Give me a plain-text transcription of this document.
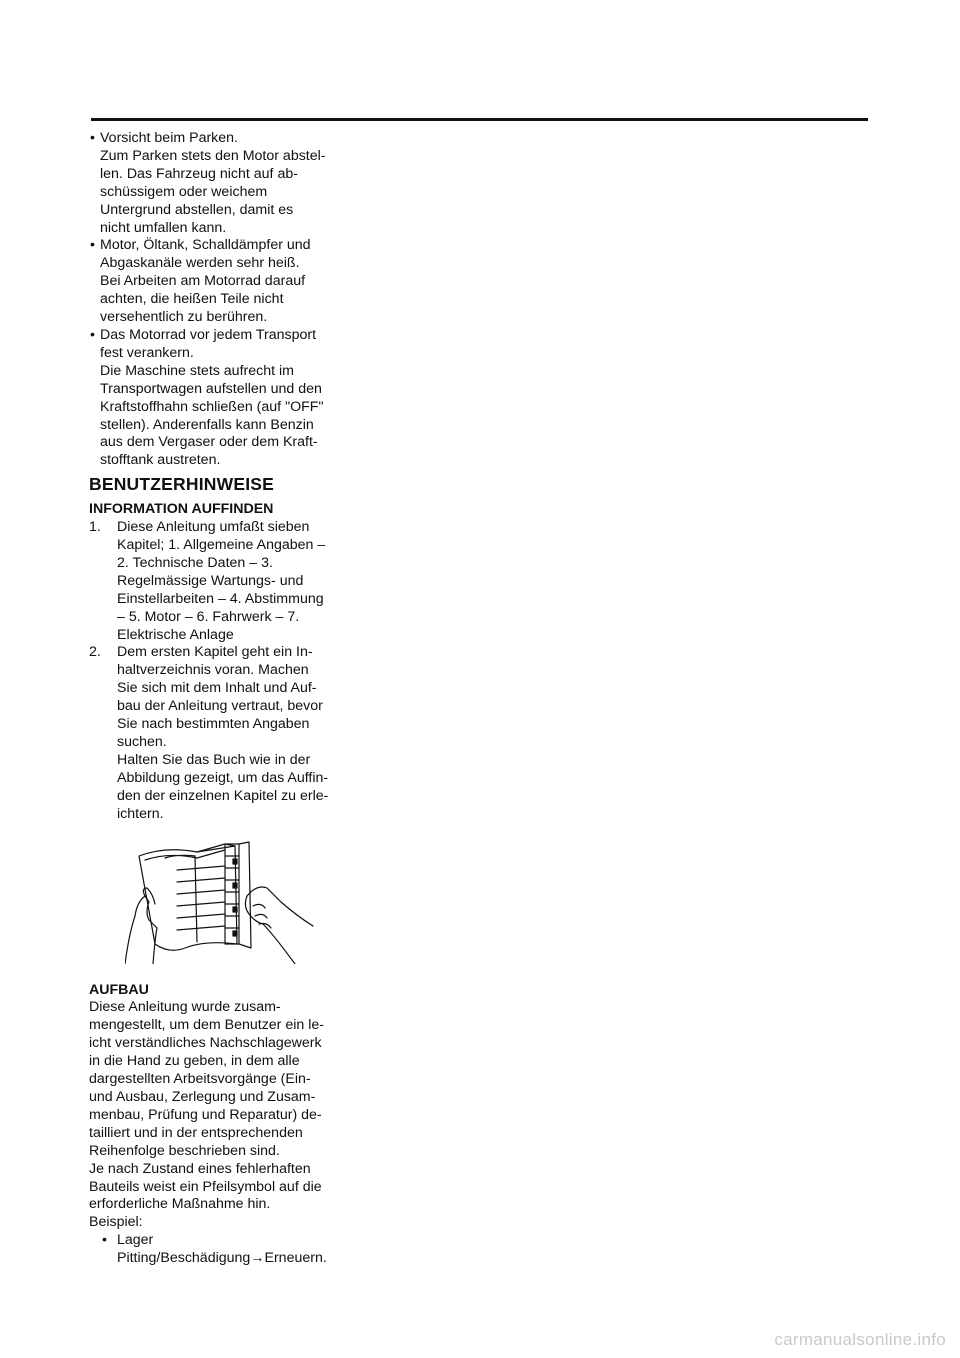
• Vorsicht beim Parken.
Zum Parken stets den Motor abstel-
len. Das Fahrzeug nicht auf ab-
schüssigem oder weichem
Untergrund abstellen, damit es
nicht umfallen kann.
• Motor, Öltank, Schalldämpfer und
Abgaskanäle werden sehr heiß.
Bei Arbeiten am Motorrad darauf
achten, die heißen Teile nicht
versehentlich zu berühren.
• Das Motorrad vor jedem Transport
fest verankern.
Die Maschine stets aufrecht im
Transportwagen aufstellen und den
Kraftstoffhahn schließen (auf "OFF"
stellen). Anderenfalls kann Benzin
aus dem Vergaser oder dem Kraft-
stofftank austreten.
BENUTZERHINWEISE
INFORMATION AUFFINDEN
1. Diese Anleitung umfaßt sieben
Kapitel; 1. Allgemeine Angaben –
2. Technische Daten – 3.
Regelmässige Wartungs- und
Einstellarbeiten – 4. Abstimmung
– 5. Motor – 6. Fahrwerk – 7.
Elektrische Anlage
2. Dem ersten Kapitel geht ein In-
haltverzeichnis voran. Machen
Sie sich mit dem Inhalt und Auf-
bau der Anleitung vertraut, bevor
Sie nach bestimmten Angaben
suchen.
Halten Sie das Buch wie in der
Abbildung gezeigt, um das Auffin-
den der einzelnen Kapitel zu erle-
ichtern.
AUFBAU
Diese Anleitung wurde zusam-
mengestellt, um dem Benutzer ein le-
icht verständliches Nachschlagewerk
in die Hand zu geben, in dem alle
dargestellten Arbeitsvorgänge (Ein-
und Ausbau, Zerlegung und Zusam-
menbau, Prüfung und Reparatur) de-
tailliert und in der entsprechenden
Reihenfolge beschrieben sind.
Je nach Zustand eines fehlerhaften
Bauteils weist ein Pfeilsymbol auf die
erforderliche Maßnahme hin.
Beispiel:
• Lager
Pitting/Beschädigung→Erneuern.
carmanualsonline.info
